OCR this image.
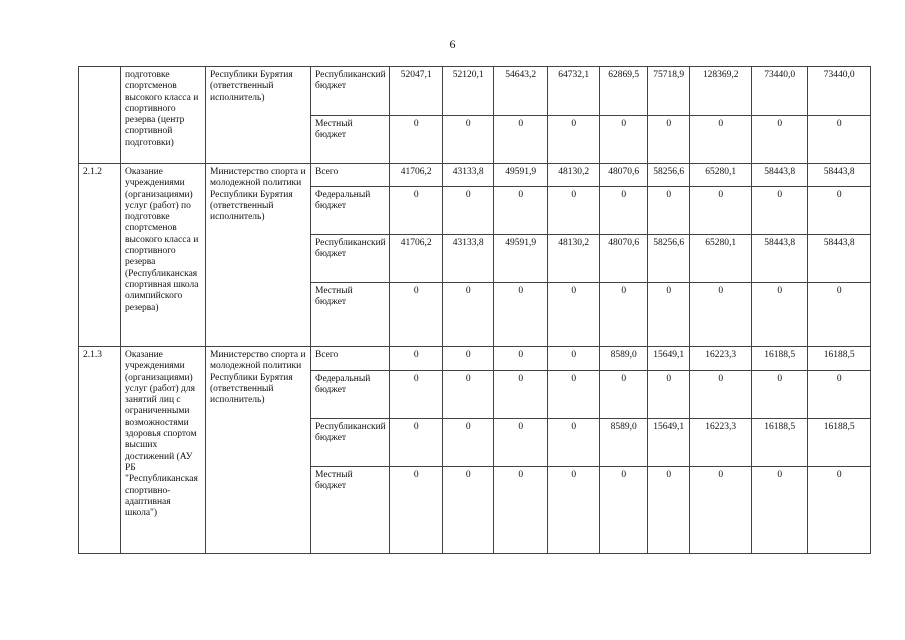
6
	подготовке спортсменов высокого класса и спортивного резерва (центр спортивной подготовки)	Республики Бурятия (ответственный исполнитель)	Республиканский бюджет	52047,1	52120,1	54643,2	64732,1	62869,5	75718,9	128369,2	73440,0	73440,0
			Местный бюджет	0	0	0	0	0	0	0	0	0
2.1.2	Оказание учреждениями (организациями) услуг (работ) по подготовке спортсменов высокого класса и спортивного резерва (Республиканская спортивная школа олимпийского резерва)	Министерство спорта и молодежной политики Республики Бурятия (ответственный исполнитель)	Всего	41706,2	43133,8	49591,9	48130,2	48070,6	58256,6	65280,1	58443,8	58443,8
			Федеральный бюджет	0	0	0	0	0	0	0	0	0
			Республиканский бюджет	41706,2	43133,8	49591,9	48130,2	48070,6	58256,6	65280,1	58443,8	58443,8
			Местный бюджет	0	0	0	0	0	0	0	0	0
2.1.3	Оказание учреждениями (организациями) услуг (работ) для занятий лиц с ограниченными возможностями здоровья спортом высших достижений (АУ РБ "Республиканская спортивно-адаптивная школа")	Министерство спорта и молодежной политики Республики Бурятия (ответственный исполнитель)	Всего	0	0	0	0	8589,0	15649,1	16223,3	16188,5	16188,5
			Федеральный бюджет	0	0	0	0	0	0	0	0	0
			Республиканский бюджет	0	0	0	0	8589,0	15649,1	16223,3	16188,5	16188,5
			Местный бюджет	0	0	0	0	0	0	0	0	0
